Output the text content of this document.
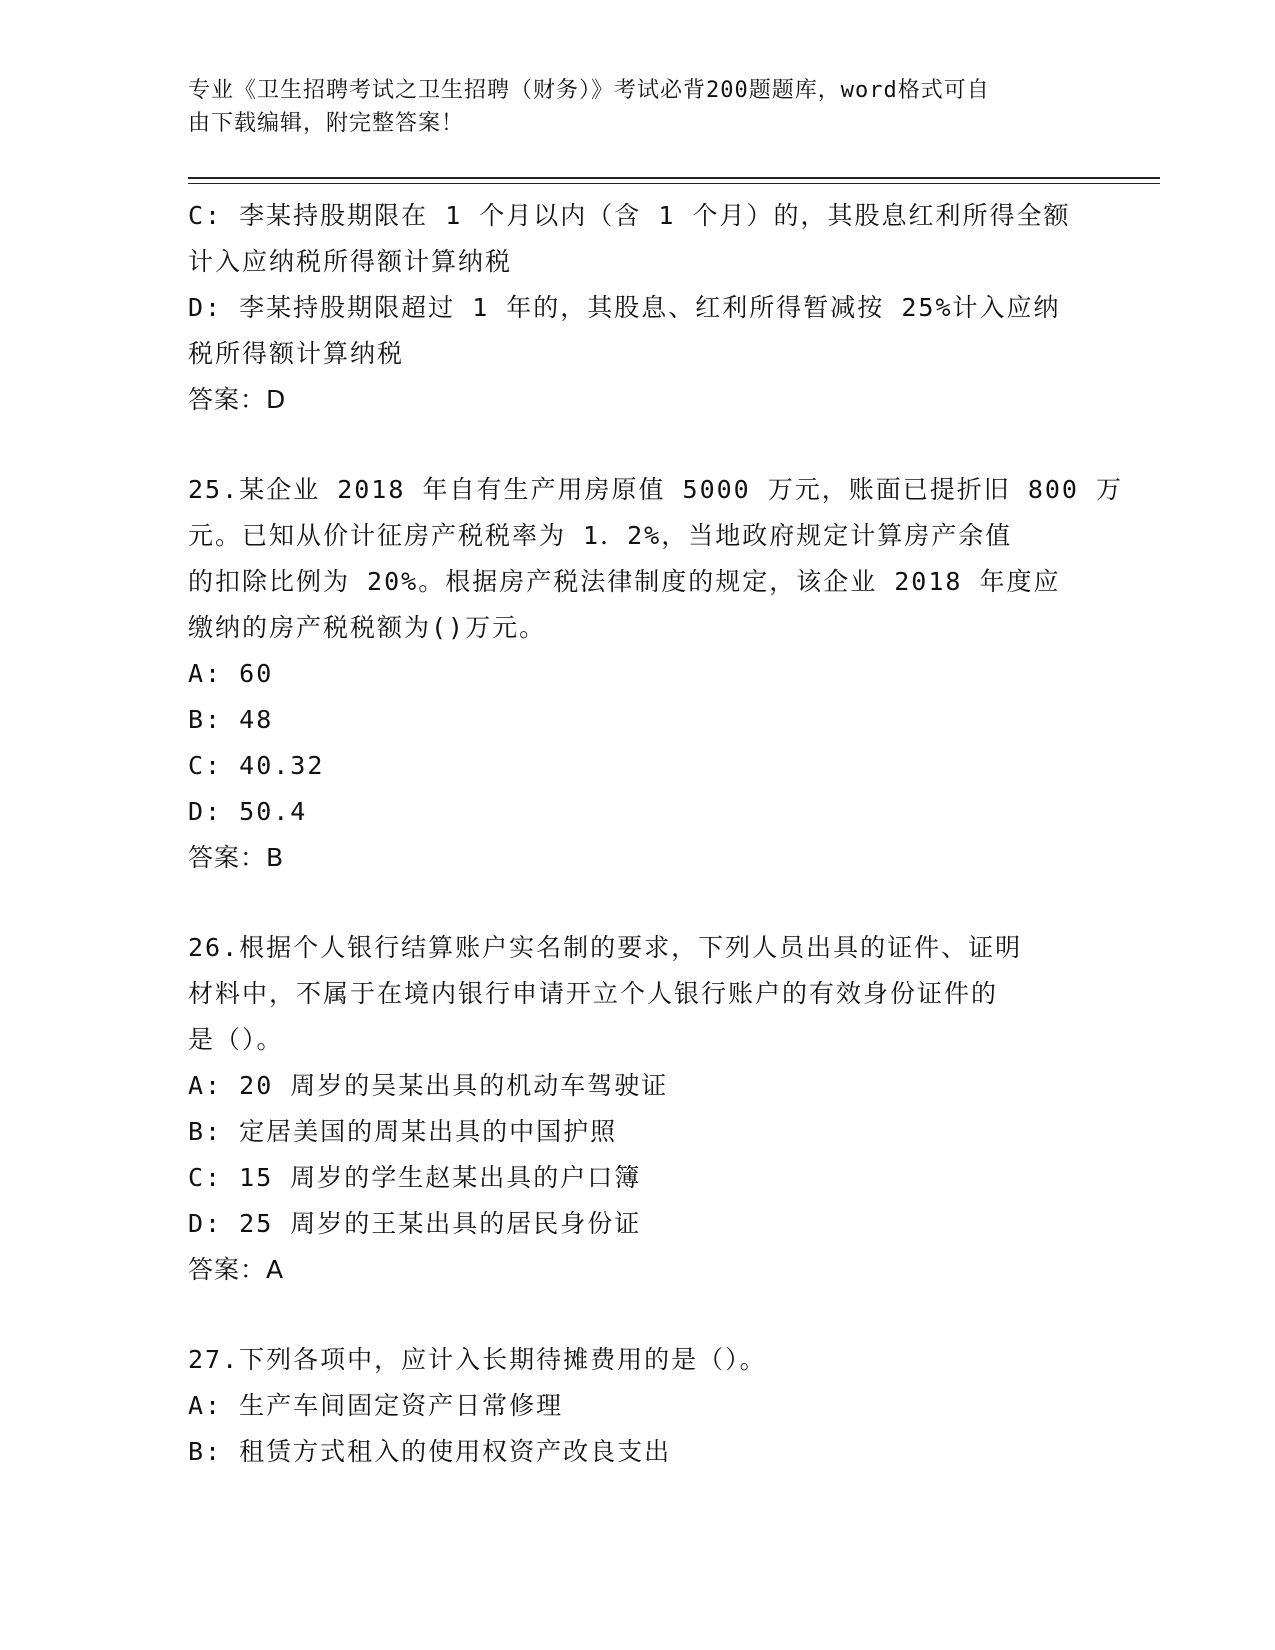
专业《卫生招聘考试之卫生招聘（财务）》考试必背200题题库，word格式可自
由下载编辑，附完整答案！
C: 李某持股期限在 1 个月以内（含 1 个月）的，其股息红利所得全额
计入应纳税所得额计算纳税
D: 李某持股期限超过 1 年的，其股息、红利所得暂减按 25%计入应纳
税所得额计算纳税
答案：D
25.某企业 2018 年自有生产用房原值 5000 万元，账面已提折旧 800 万
元。已知从价计征房产税税率为 1．2%，当地政府规定计算房产余值
的扣除比例为 20%。根据房产税法律制度的规定，该企业 2018 年度应
缴纳的房产税税额为()万元。
A: 60
B: 48
C: 40.32
D: 50.4
答案：B
26.根据个人银行结算账户实名制的要求，下列人员出具的证件、证明
材料中，不属于在境内银行申请开立个人银行账户的有效身份证件的
是（）。
A: 20 周岁的吴某出具的机动车驾驶证
B: 定居美国的周某出具的中国护照
C: 15 周岁的学生赵某出具的户口簿
D: 25 周岁的王某出具的居民身份证
答案：A
27.下列各项中，应计入长期待摊费用的是（）。
A: 生产车间固定资产日常修理
B: 租赁方式租入的使用权资产改良支出
